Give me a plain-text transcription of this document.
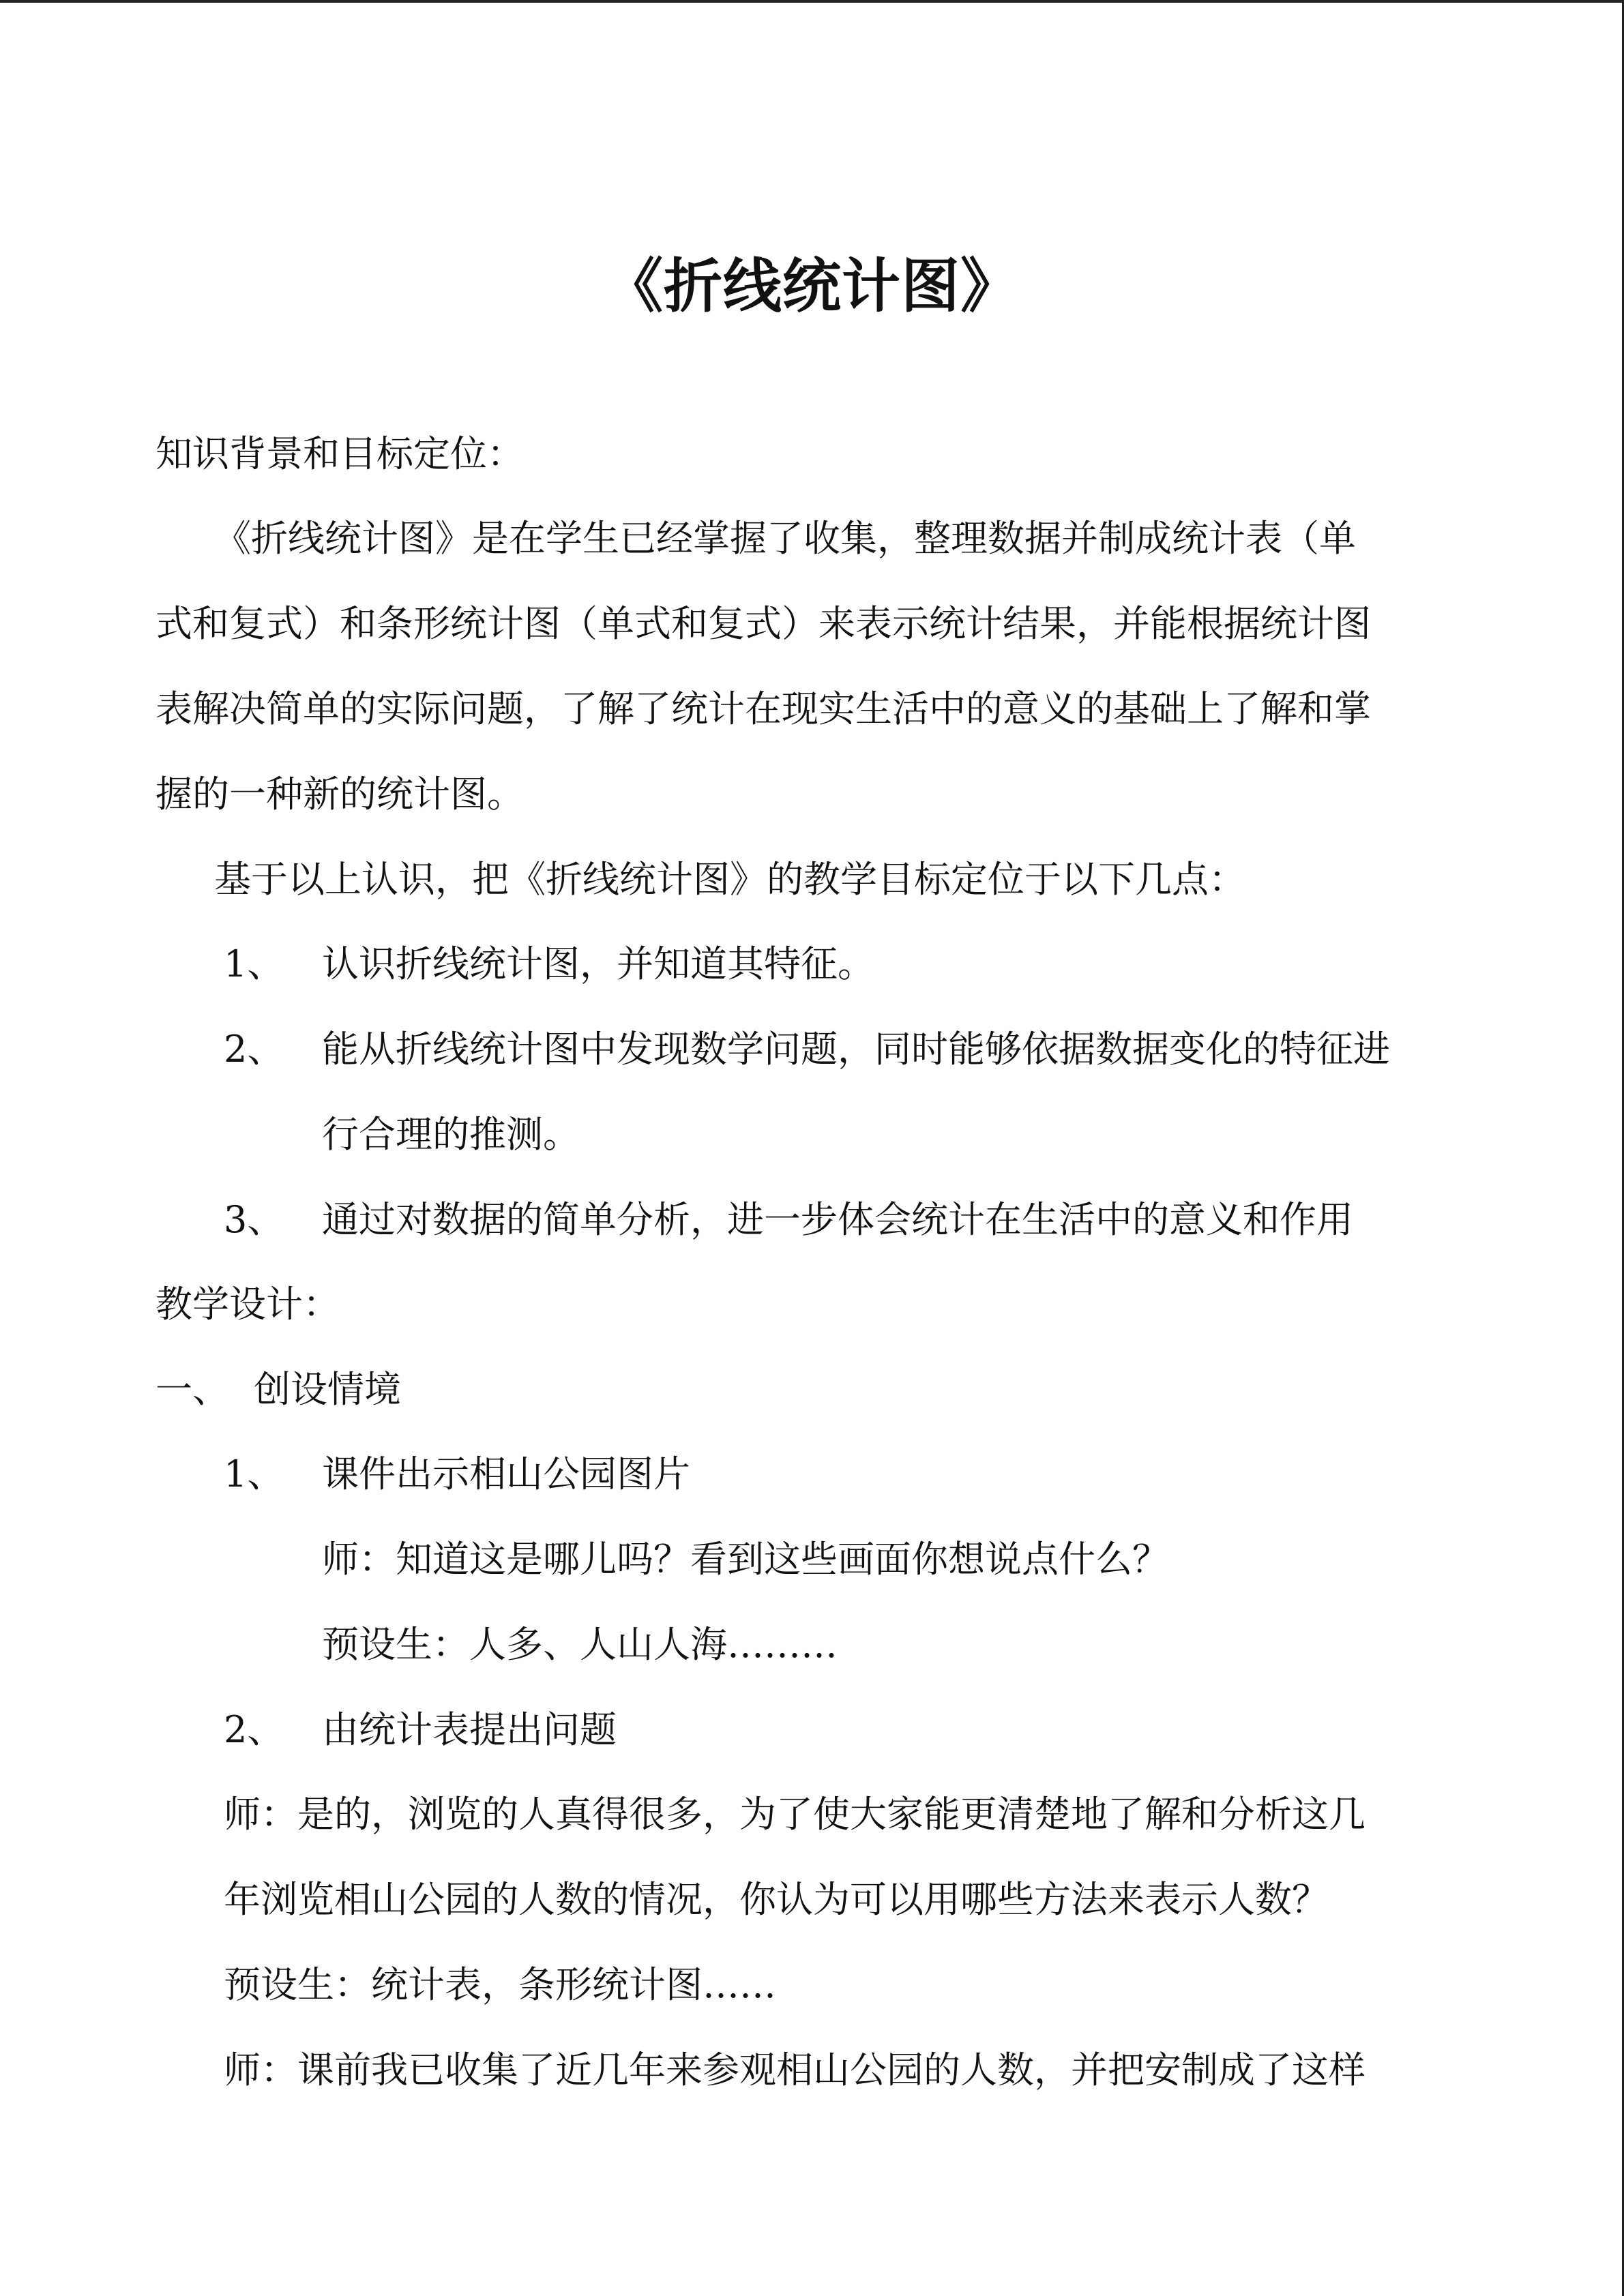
《折线统计图》
知识背景和目标定位：
《折线统计图》是在学生已经掌握了收集，整理数据并制成统计表（单
式和复式）和条形统计图（单式和复式）来表示统计结果，并能根据统计图
表解决简单的实际问题，了解了统计在现实生活中的意义的基础上了解和掌
握的一种新的统计图。
基于以上认识，把《折线统计图》的教学目标定位于以下几点：
1、 认识折线统计图，并知道其特征。
2、 能从折线统计图中发现数学问题，同时能够依据数据变化的特征进
行合理的推测。
3、 通过对数据的简单分析，进一步体会统计在生活中的意义和作用
教学设计：
一、 创设情境
1、 课件出示相山公园图片
师：知道这是哪儿吗？看到这些画面你想说点什么？
预设生：人多、人山人海………
2、 由统计表提出问题
师：是的，浏览的人真得很多，为了使大家能更清楚地了解和分析这几
年浏览相山公园的人数的情况，你认为可以用哪些方法来表示人数？
预设生：统计表，条形统计图……
师：课前我已收集了近几年来参观相山公园的人数，并把安制成了这样
